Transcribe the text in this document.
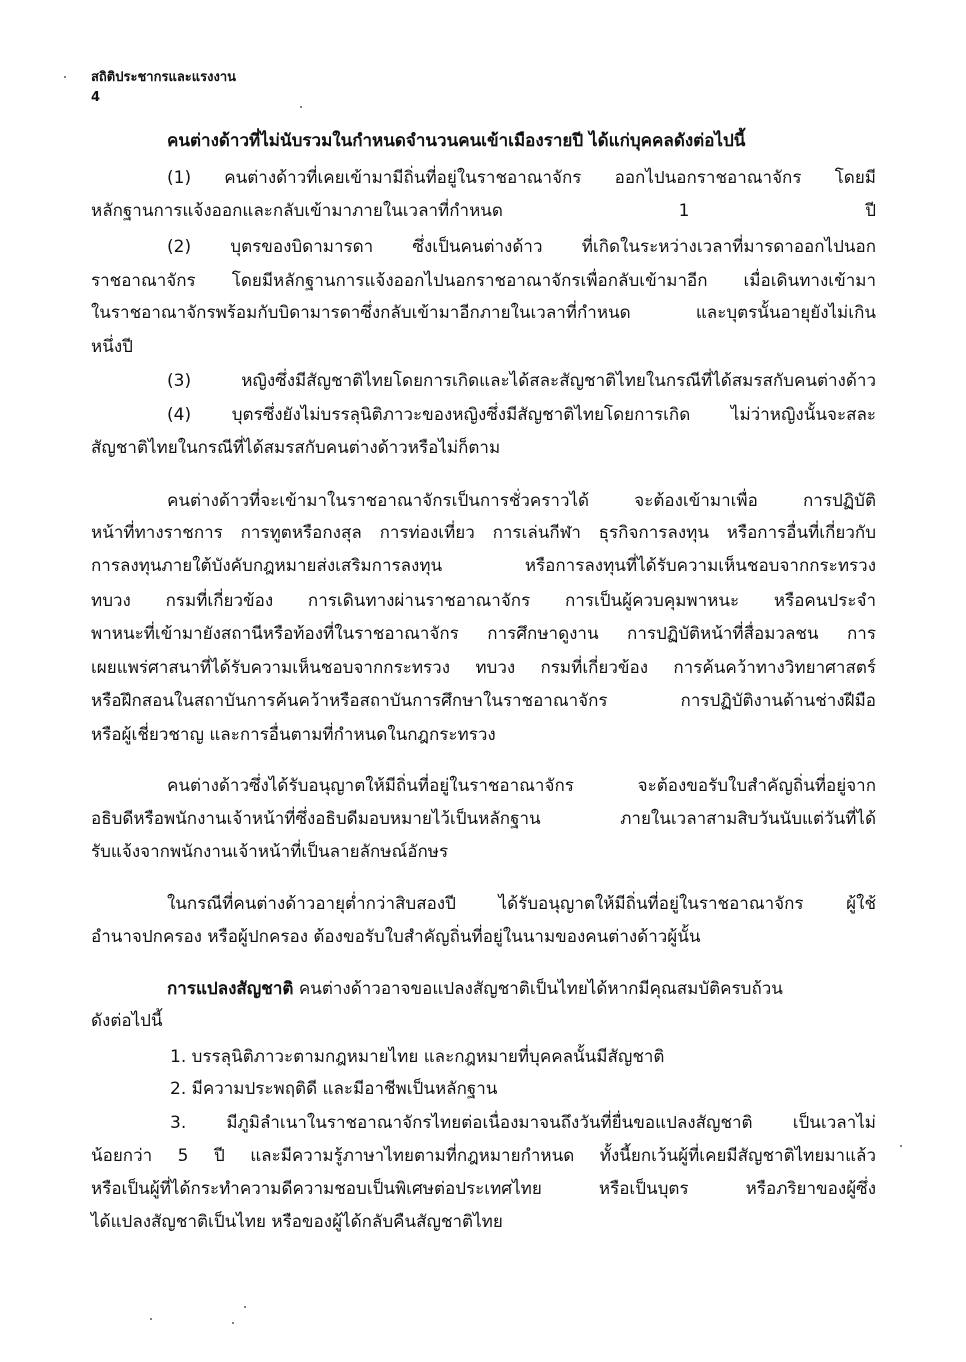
สถิติประชากรและแรงงาน
4
คนต่างด้าวที่ไม่นับรวมในกำหนดจำนวนคนเข้าเมืองรายปี ได้แก่บุคคลดังต่อไปนี้
(1) คนต่างด้าวที่เคยเข้ามามีถิ่นที่อยู่ในราชอาณาจักร ออกไปนอกราชอาณาจักร โดยมี
หลักฐานการแจ้งออกและกลับเข้ามาภายในเวลาที่กำหนด 1 ปี
(2) บุตรของบิดามารดา ซึ่งเป็นคนต่างด้าว ที่เกิดในระหว่างเวลาที่มารดาออกไปนอก
ราชอาณาจักร โดยมีหลักฐานการแจ้งออกไปนอกราชอาณาจักรเพื่อกลับเข้ามาอีก เมื่อเดินทางเข้ามา
ในราชอาณาจักรพร้อมกับบิดามารดาซึ่งกลับเข้ามาอีกภายในเวลาที่กำหนด และบุตรนั้นอายุยังไม่เกิน
หนึ่งปี
(3) หญิงซึ่งมีสัญชาติไทยโดยการเกิดและได้สละสัญชาติไทยในกรณีที่ได้สมรสกับคนต่างด้าว
(4) บุตรซึ่งยังไม่บรรลุนิติภาวะของหญิงซึ่งมีสัญชาติไทยโดยการเกิด ไม่ว่าหญิงนั้นจะสละ
สัญชาติไทยในกรณีที่ได้สมรสกับคนต่างด้าวหรือไม่ก็ตาม
คนต่างด้าวที่จะเข้ามาในราชอาณาจักรเป็นการชั่วคราวได้ จะต้องเข้ามาเพื่อ การปฏิบัติ
หน้าที่ทางราชการ การทูตหรือกงสุล การท่องเที่ยว การเล่นกีฬา ธุรกิจการลงทุน หรือการอื่นที่เกี่ยวกับ
การลงทุนภายใต้บังคับกฎหมายส่งเสริมการลงทุน หรือการลงทุนที่ได้รับความเห็นชอบจากกระทรวง
ทบวง กรมที่เกี่ยวข้อง การเดินทางผ่านราชอาณาจักร การเป็นผู้ควบคุมพาหนะ หรือคนประจำ
พาหนะที่เข้ามายังสถานีหรือท้องที่ในราชอาณาจักร การศึกษาดูงาน การปฏิบัติหน้าที่สื่อมวลชน การ
เผยแพร่ศาสนาที่ได้รับความเห็นชอบจากกระทรวง ทบวง กรมที่เกี่ยวข้อง การค้นคว้าทางวิทยาศาสตร์
หรือฝึกสอนในสถาบันการค้นคว้าหรือสถาบันการศึกษาในราชอาณาจักร การปฏิบัติงานด้านช่างฝีมือ
หรือผู้เชี่ยวชาญ และการอื่นตามที่กำหนดในกฎกระทรวง
คนต่างด้าวซึ่งได้รับอนุญาตให้มีถิ่นที่อยู่ในราชอาณาจักร จะต้องขอรับใบสำคัญถิ่นที่อยู่จาก
อธิบดีหรือพนักงานเจ้าหน้าที่ซึ่งอธิบดีมอบหมายไว้เป็นหลักฐาน ภายในเวลาสามสิบวันนับแต่วันที่ได้
รับแจ้งจากพนักงานเจ้าหน้าที่เป็นลายลักษณ์อักษร
ในกรณีที่คนต่างด้าวอายุต่ำกว่าสิบสองปี ได้รับอนุญาตให้มีถิ่นที่อยู่ในราชอาณาจักร ผู้ใช้
อำนาจปกครอง หรือผู้ปกครอง ต้องขอรับใบสำคัญถิ่นที่อยู่ในนามของคนต่างด้าวผู้นั้น
การแปลงสัญชาติ คนต่างด้าวอาจขอแปลงสัญชาติเป็นไทยได้หากมีคุณสมบัติครบถ้วน
ดังต่อไปนี้
1. บรรลุนิติภาวะตามกฎหมายไทย และกฎหมายที่บุคคลนั้นมีสัญชาติ
2. มีความประพฤติดี และมีอาชีพเป็นหลักฐาน
3. มีภูมิลำเนาในราชอาณาจักรไทยต่อเนื่องมาจนถึงวันที่ยื่นขอแปลงสัญชาติ เป็นเวลาไม่
น้อยกว่า 5 ปี และมีความรู้ภาษาไทยตามที่กฎหมายกำหนด ทั้งนี้ยกเว้นผู้ที่เคยมีสัญชาติไทยมาแล้ว
หรือเป็นผู้ที่ได้กระทำความดีความชอบเป็นพิเศษต่อประเทศไทย หรือเป็นบุตร หรือภริยาของผู้ซึ่ง
ได้แปลงสัญชาติเป็นไทย หรือของผู้ได้กลับคืนสัญชาติไทย
